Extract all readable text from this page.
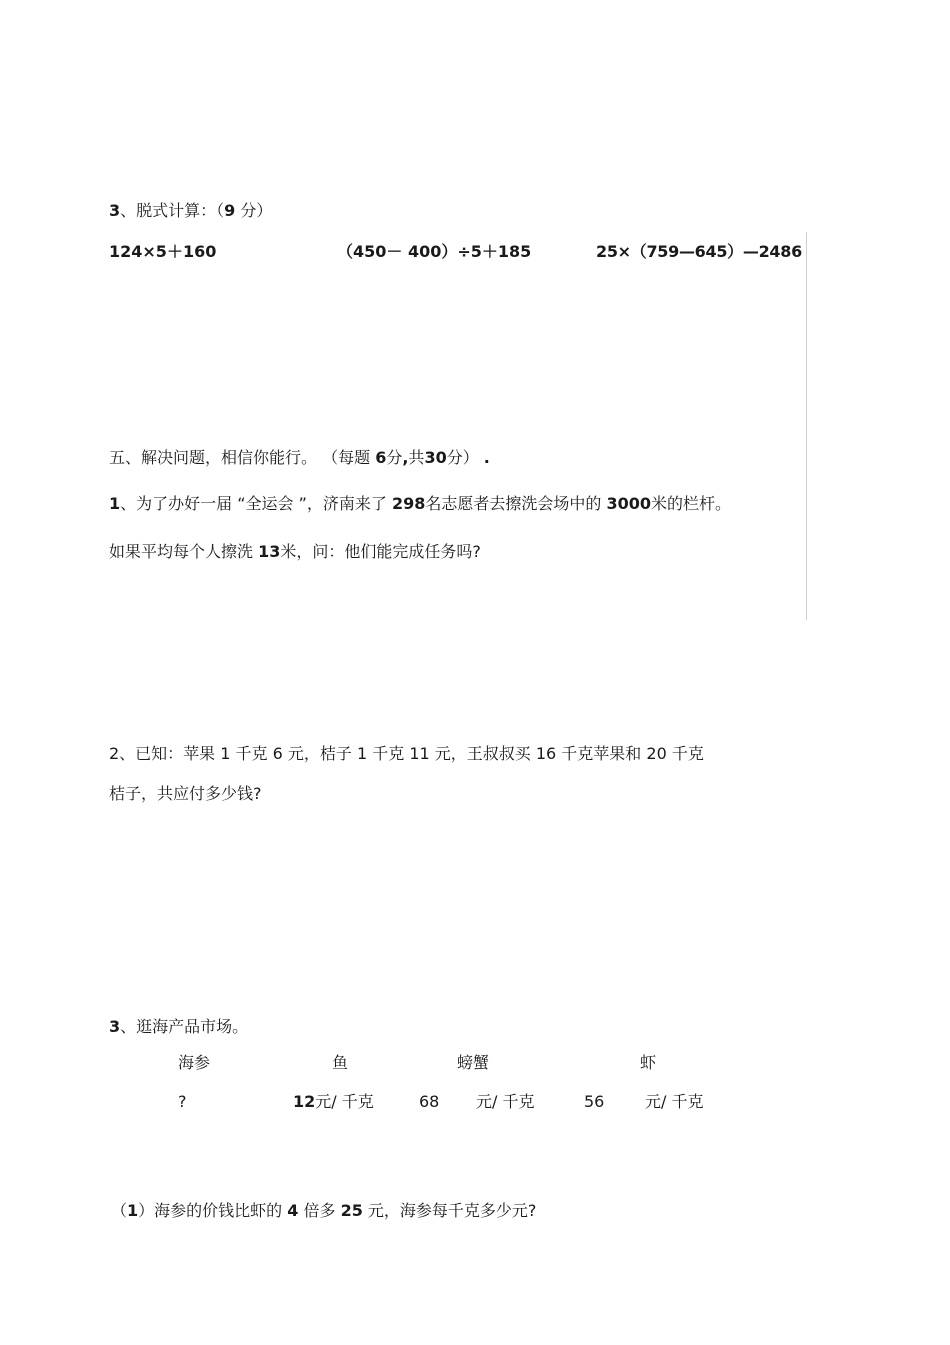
3、脱式计算：（9 分）
124×5＋160	（450－ 400）÷5＋185	25×（759—645）—2486
五、解决问题，相信你能行。 （每题 6分,共30分） .
1、为了办好一届 “全运会 ”，济南来了 298名志愿者去擦洗会场中的 3000米的栏杆。
如果平均每个人擦洗 13米，问：他们能完成任务吗?
2、已知：苹果 1 千克 6 元，桔子 1 千克 11 元，王叔叔买 16 千克苹果和 20 千克
桔子，共应付多少钱?
3、逛海产品市场。
海参	鱼	螃蟹	虾
?	12元/ 千克	68 元/ 千克	56	元/ 千克
（1）海参的价钱比虾的 4 倍多 25 元，海参每千克多少元?
